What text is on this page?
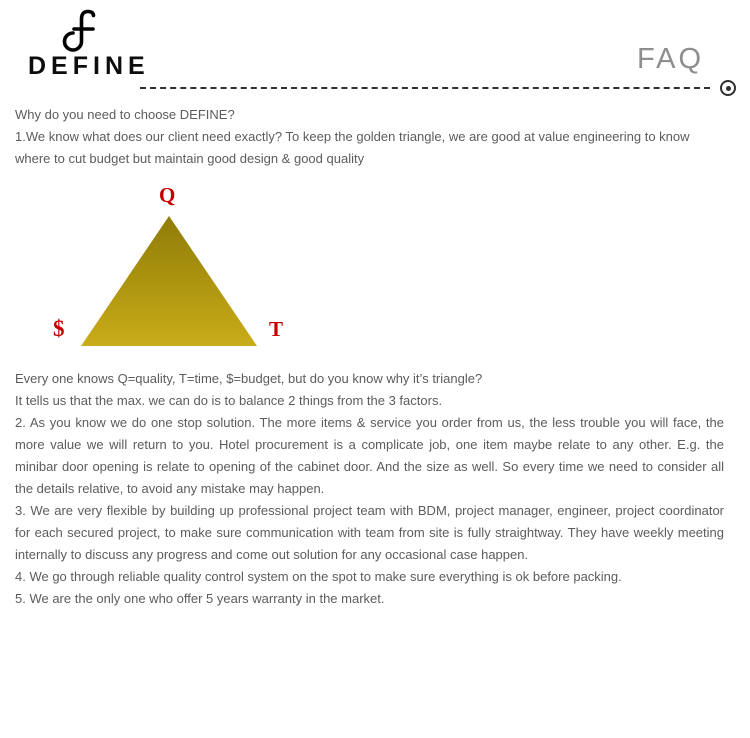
DEFINE	FAQ

Why do you need to choose DEFINE?

1.We know what does our client need exactly? To keep the golden triangle, we are good at value engineering to know where to cut budget but maintain good design & good quality

Q
$	T

Every one knows Q=quality, T=time, $=budget, but do you know why it’s triangle?

It tells us that the max. we can do is to balance 2 things from the 3 factors.

2. As you know we do one stop solution. The more items & service you order from us, the less trouble you will face, the more value we will return to you. Hotel procurement is a complicate job, one item maybe relate to any other. E.g. the minibar door opening is relate to opening of the cabinet door. And the size as well. So every time we need to consider all the details relative, to avoid any mistake may happen.

3. We are very flexible by building up professional project team with BDM, project manager, engineer, project coordinator for each secured project, to make sure communication with team from site is fully straightway. They have weekly meeting internally to discuss any progress and come out solution for any occasional case happen.

4. We go through reliable quality control system on the spot to make sure everything is ok before packing.

5. We are the only one who offer 5 years warranty in the market.
